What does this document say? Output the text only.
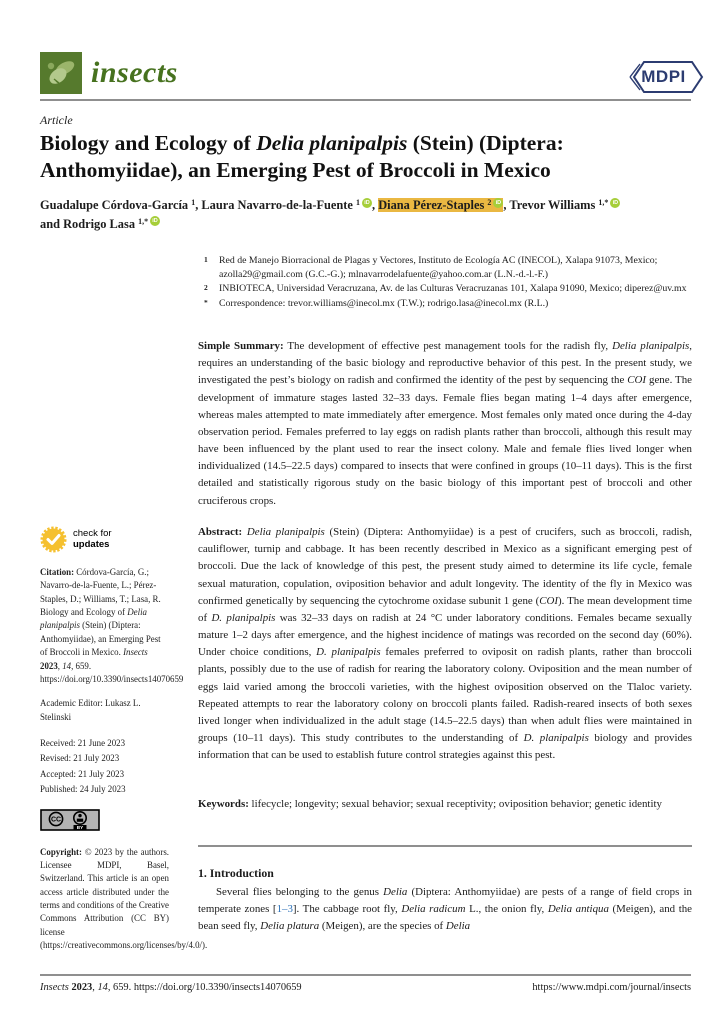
insects	MDPI
Article
Biology and Ecology of Delia planipalpis (Stein) (Diptera:
Anthomyiidae), an Emerging Pest of Broccoli in Mexico
Guadalupe Córdova-García $^1$, Laura Navarro-de-la-Fuente $^1$ iD , Diana Pérez-Staples $^2$ iD , Trevor Williams $^{1,*}$ iD
and Rodrigo Lasa $^{1,*}$ iD
1	Red de Manejo Biorracional de Plagas y Vectores, Instituto de Ecología AC (INECOL), Xalapa 91073, Mexico; azolla29@gmail.com (G.C.-G.); mlnavarrodelafuente@yahoo.com.ar (L.N.-d.-l.-F.)
2	INBIOTECA, Universidad Veracruzana, Av. de las Culturas Veracruzanas 101, Xalapa 91090, Mexico; diperez@uv.mx
*	Correspondence: trevor.williams@inecol.mx (T.W.); rodrigo.lasa@inecol.mx (R.L.)
check for
updates
Citation: Córdova-García, G.; Navarro-de-la-Fuente, L.; Pérez-Staples, D.; Williams, T.; Lasa, R. Biology and Ecology of Delia planipalpis (Stein) (Diptera: Anthomyiidae), an Emerging Pest of Broccoli in Mexico. Insects 2023, 14, 659. https://doi.org/10.3390/insects14070659
Academic Editor: Lukasz L. Stelinski
Received: 21 June 2023
Revised: 21 July 2023
Accepted: 21 July 2023
Published: 24 July 2023
CC
BY
Copyright: © 2023 by the authors. Licensee MDPI, Basel, Switzerland. This article is an open access article distributed under the terms and conditions of the Creative Commons Attribution (CC BY) license (https://creativecommons.org/licenses/by/4.0/).

Simple Summary: The development of effective pest management tools for the radish fly, Delia planipalpis, requires an understanding of the basic biology and reproductive behavior of this pest. In the present study, we investigated the pest’s biology on radish and confirmed the identity of the pest by sequencing the COI gene. The development of immature stages lasted 32–33 days. Female flies began mating 1–4 days after emergence, whereas males attempted to mate immediately after emergence. Most females only mated once during the 4-day observation period. Females preferred to lay eggs on radish plants rather than broccoli, although this result may have been influenced by the plant used to rear the insect colony. Male and female flies lived longer when individualized (14.5–22.5 days) compared to insects that were confined in groups (10–11 days). This is the first detailed and statistically rigorous study on the basic biology of this important pest of broccoli and other cruciferous crops.

Abstract: Delia planipalpis (Stein) (Diptera: Anthomyiidae) is a pest of crucifers, such as broccoli, radish, cauliflower, turnip and cabbage. It has been recently described in Mexico as a significant emerging pest of broccoli. Due the lack of knowledge of this pest, the present study aimed to determine its life cycle, female sexual maturation, copulation, oviposition behavior and adult longevity. The identity of the fly in Mexico was confirmed genetically by sequencing the cytochrome oxidase subunit 1 gene (COI). The mean development time of D. planipalpis was 32–33 days on radish at 24 °C under laboratory conditions. Females became sexually mature 1–2 days after emergence, and the highest incidence of matings was recorded on the second day (60%). Under choice conditions, D. planipalpis females preferred to oviposit on radish plants, rather than broccoli plants, possibly due to the use of radish for rearing the laboratory colony. Oviposition and the mean number of eggs laid varied among the broccoli varieties, with the highest oviposition observed on the Tlaloc variety. Repeated attempts to rear the laboratory colony on broccoli plants failed. Radish-reared insects of both sexes lived longer when individualized in the adult stage (14.5–22.5 days) than when adult flies were maintained in groups (10–11 days). This study contributes to the understanding of D. planipalpis biology and provides information that can be used to establish future control strategies against this pest.

Keywords: lifecycle; longevity; sexual behavior; sexual receptivity; oviposition behavior; genetic identity

1. Introduction

Several flies belonging to the genus Delia (Diptera: Anthomyiidae) are pests of a range of field crops in temperate zones [1–3]. The cabbage root fly, Delia radicum L., the onion fly, Delia antiqua (Meigen), and the bean seed fly, Delia platura (Meigen), are the species of Delia

Insects 2023, 14, 659. https://doi.org/10.3390/insects14070659	https://www.mdpi.com/journal/insects
